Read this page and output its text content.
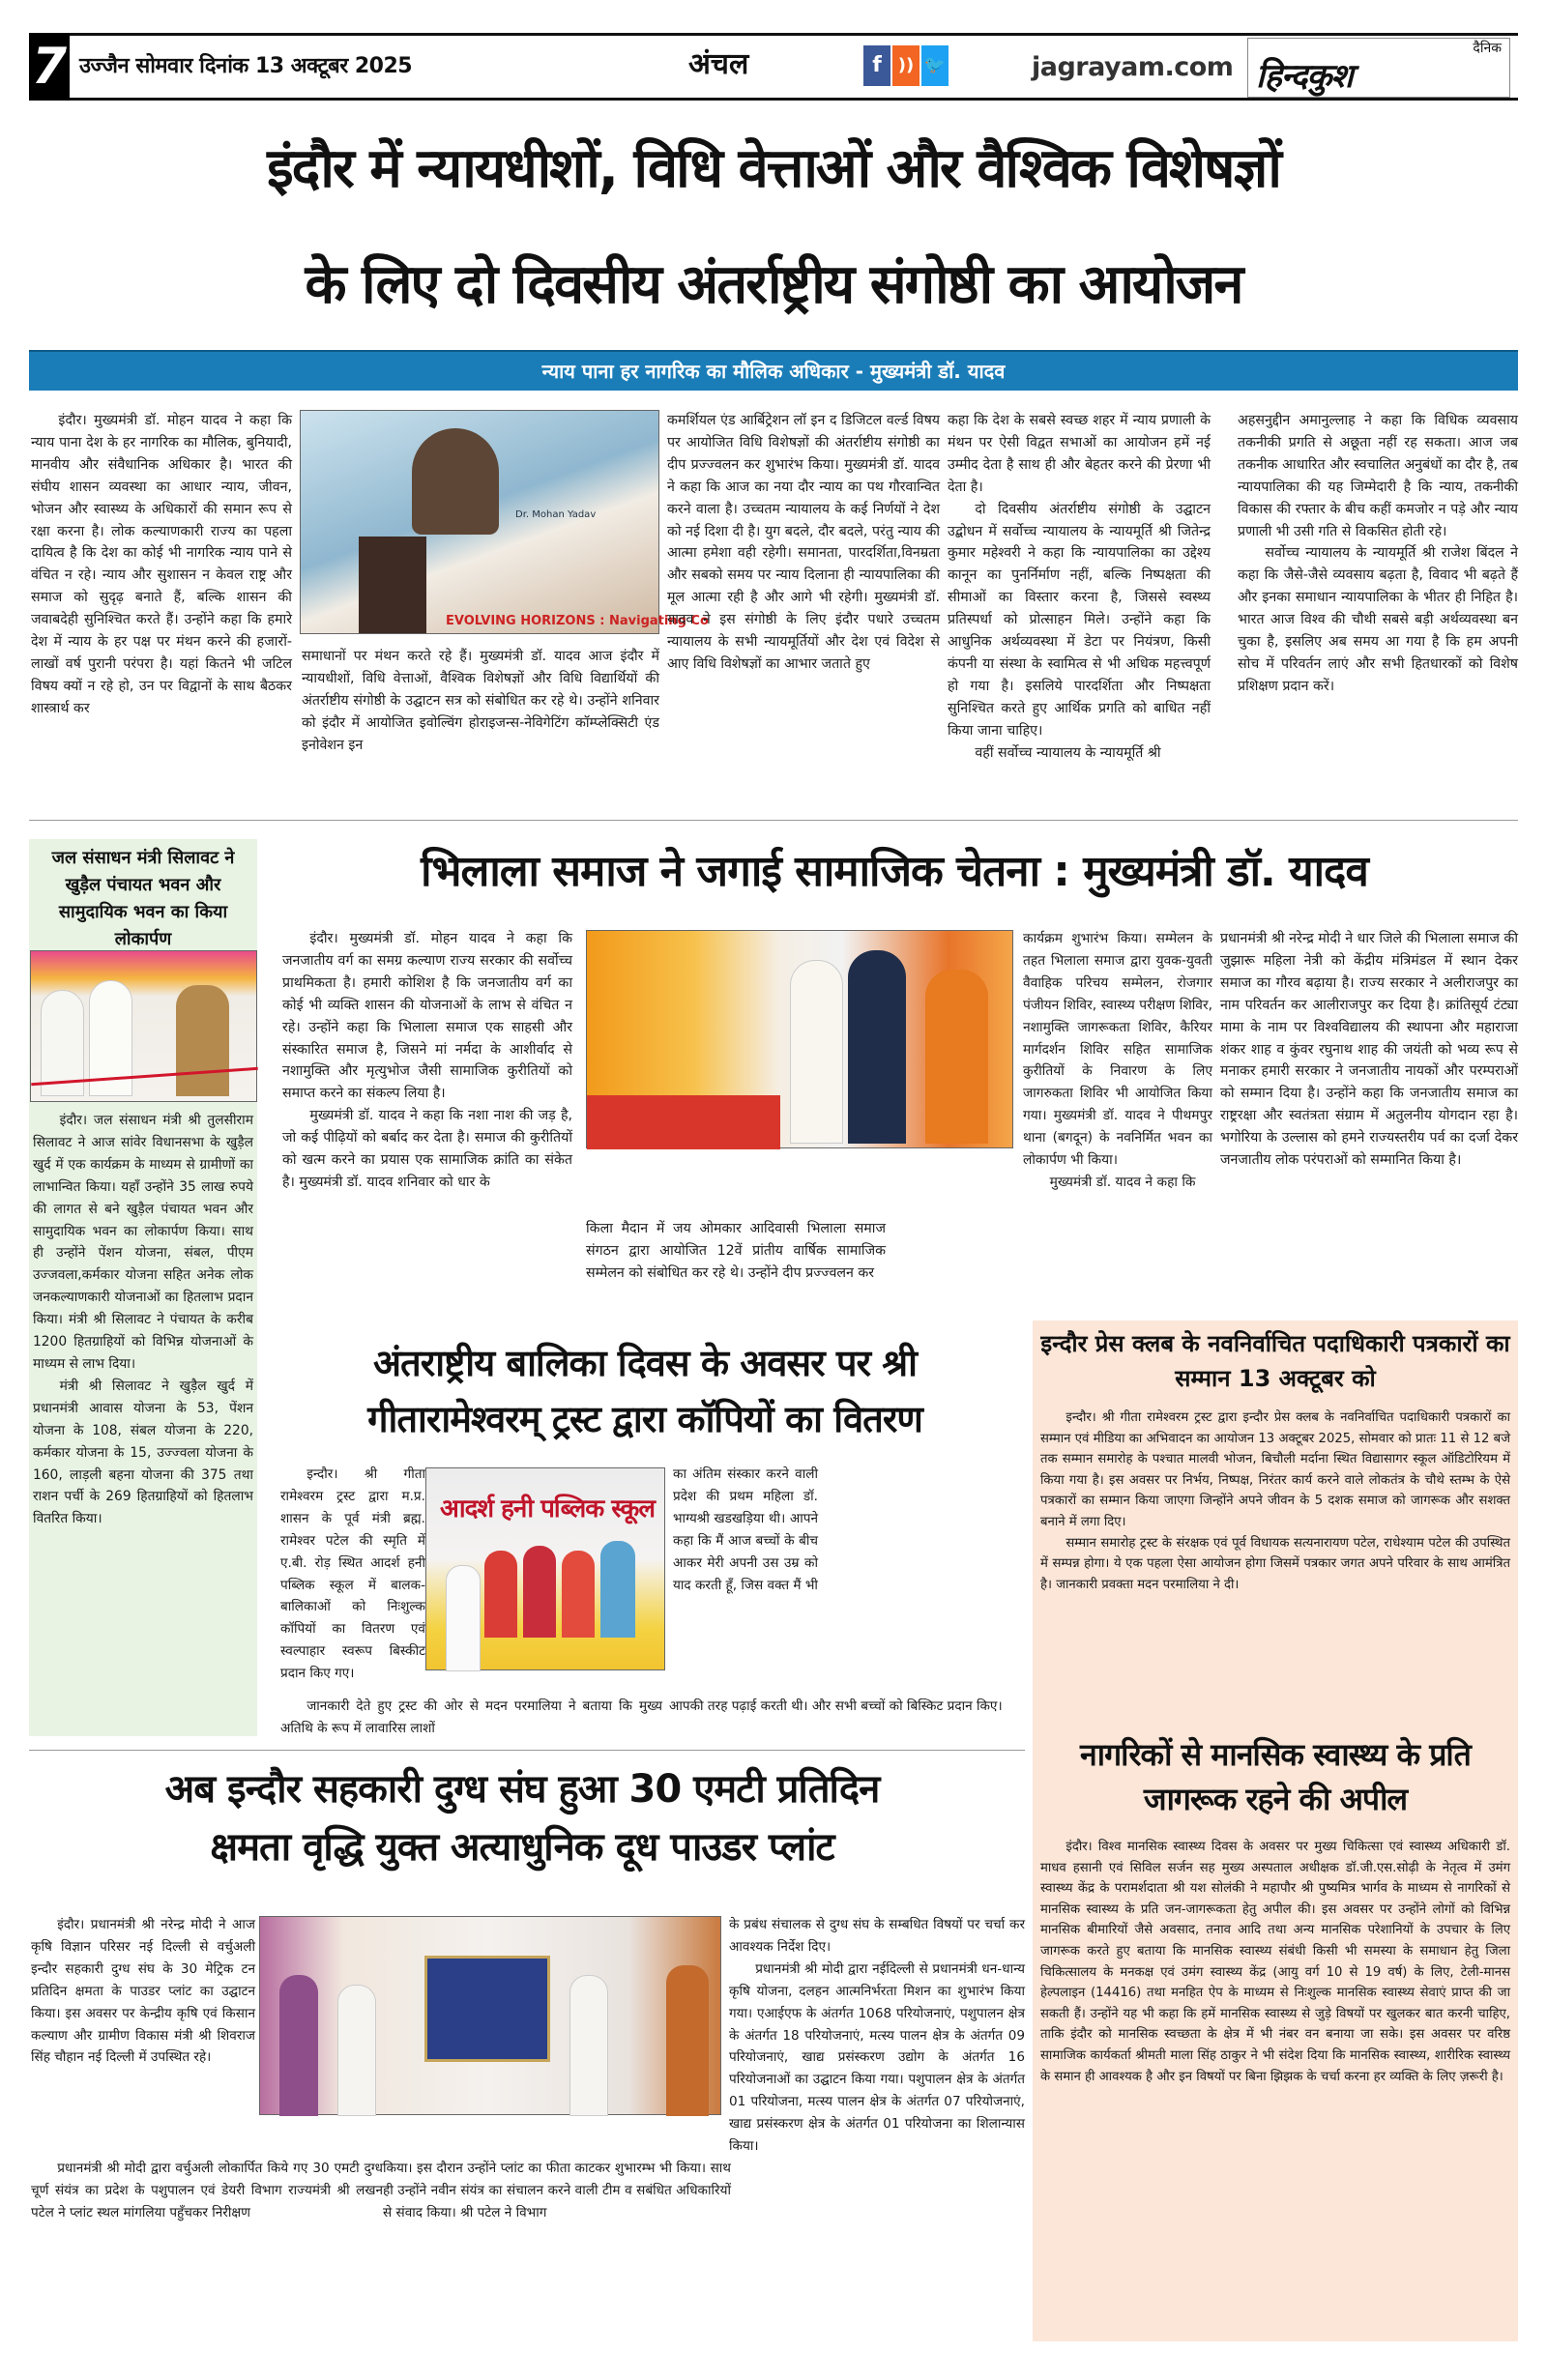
7 उज्जैन सोमवार दिनांक 13 अक्टूबर 2025	अंचल	f )) 🐦	jagrayam.com
दैनिक
हिन्दकुश
इंदौर में न्यायधीशों, विधि वेत्ताओं और वैश्विक विशेषज्ञों
के लिए दो दिवसीय अंतर्राष्ट्रीय संगोष्ठी का आयोजन
न्याय पाना हर नागरिक का मौलिक अधिकार - मुख्यमंत्री डॉ. यादव

इंदौर। मुख्यमंत्री डॉ. मोहन यादव ने कहा कि न्याय पाना देश के हर नागरिक का मौलिक, बुनियादी, मानवीय और संवैधानिक अधिकार है। भारत की संघीय शासन व्यवस्था का आधार न्याय, जीवन, भोजन और स्वास्थ्य के अधिकारों की समान रूप से रक्षा करना है। लोक कल्याणकारी राज्य का पहला दायित्व है कि देश का कोई भी नागरिक न्याय पाने से वंचित न रहे। न्याय और सुशासन न केवल राष्ट्र और समाज को सुदृढ़ बनाते हैं, बल्कि शासन की जवाबदेही सुनिश्चित करते हैं। उन्होंने कहा कि हमारे देश में न्याय के हर पक्ष पर मंथन करने की हजारों-लाखों वर्ष पुरानी परंपरा है। यहां कितने भी जटिल विषय क्यों न रहे हो, उन पर विद्वानों के साथ बैठकर शास्त्रार्थ कर

Dr. Mohan Yadav
EVOLVING HORIZONS : Navigating Co

समाधानों पर मंथन करते रहे हैं। मुख्यमंत्री डॉ. यादव आज इंदौर में न्यायधीशों, विधि वेत्ताओं, वैश्विक विशेषज्ञों और विधि विद्यार्थियों की अंतर्राष्टीय संगोष्ठी के उद्घाटन सत्र को संबोधित कर रहे थे। उन्होंने शनिवार को इंदौर में आयोजित इवोल्विंग होराइजन्स-नेविगेटिंग कॉम्प्लेक्सिटी एंड इनोवेशन इन

कमर्शियल एंड आर्बिट्रेशन लॉ इन द डिजिटल वर्ल्ड विषय पर आयोजित विधि विशेषज्ञों की अंतर्राष्टीय संगोष्ठी का दीप प्रज्ज्वलन कर शुभारंभ किया। मुख्यमंत्री डॉ. यादव ने कहा कि आज का नया दौर न्याय का पथ गौरवान्वित करने वाला है। उच्चतम न्यायालय के कई निर्णयों ने देश को नई दिशा दी है। युग बदले, दौर बदले, परंतु न्याय की आत्मा हमेशा वही रहेगी। समानता, पारदर्शिता,विनम्रता और सबको समय पर न्याय दिलाना ही न्यायपालिका की मूल आत्मा रही है और आगे भी रहेगी। मुख्यमंत्री डॉ. यादव ने इस संगोष्ठी के लिए इंदौर पधारे उच्चतम न्यायालय के सभी न्यायमूर्तियों और देश एवं विदेश से आए विधि विशेषज्ञों का आभार जताते हुए

कहा कि देश के सबसे स्वच्छ शहर में न्याय प्रणाली के मंथन पर ऐसी विद्वत सभाओं का आयोजन हमें नई उम्मीद देता है साथ ही और बेहतर करने की प्रेरणा भी देता है।

दो दिवसीय अंतर्राष्टीय संगोष्ठी के उद्घाटन उद्बोधन में सर्वोच्च न्यायालय के न्यायमूर्ति श्री जितेन्द्र कुमार महेश्वरी ने कहा कि न्यायपालिका का उद्देश्य कानून का पुनर्निर्माण नहीं, बल्कि निष्पक्षता की सीमाओं का विस्तार करना है, जिससे स्वस्थ्य प्रतिस्पर्धा को प्रोत्साहन मिले। उन्होंने कहा कि आधुनिक अर्थव्यवस्था में डेटा पर नियंत्रण, किसी कंपनी या संस्था के स्वामित्व से भी अधिक महत्त्वपूर्ण हो गया है। इसलिये पारदर्शिता और निष्पक्षता सुनिश्चित करते हुए आर्थिक प्रगति को बाधित नहीं किया जाना चाहिए।

वहीं सर्वोच्च न्यायालय के न्यायमूर्ति श्री

अहसनुद्दीन अमानुल्लाह ने कहा कि विधिक व्यवसाय तकनीकी प्रगति से अछूता नहीं रह सकता। आज जब तकनीक आधारित और स्वचालित अनुबंधों का दौर है, तब न्यायपालिका की यह जिम्मेदारी है कि न्याय, तकनीकी विकास की रफ्तार के बीच कहीं कमजोर न पड़े और न्याय प्रणाली भी उसी गति से विकसित होती रहे।

सर्वोच्च न्यायालय के न्यायमूर्ति श्री राजेश बिंदल ने कहा कि जैसे-जैसे व्यवसाय बढ़ता है, विवाद भी बढ़ते हैं और इनका समाधान न्यायपालिका के भीतर ही निहित है। भारत आज विश्व की चौथी सबसे बड़ी अर्थव्यवस्था बन चुका है, इसलिए अब समय आ गया है कि हम अपनी सोच में परिवर्तन लाएं और सभी हितधारकों को विशेष प्रशिक्षण प्रदान करें।

जल संसाधन मंत्री सिलावट ने खुड़ैल पंचायत भवन और सामुदायिक भवन का किया लोकार्पण

इंदौर। जल संसाधन मंत्री श्री तुलसीराम सिलावट ने आज सांवेर विधानसभा के खुड़ैल खुर्द में एक कार्यक्रम के माध्यम से ग्रामीणों का लाभान्वित किया। यहाँ उन्होंने 35 लाख रुपये की लागत से बने खुड़ैल पंचायत भवन और सामुदायिक भवन का लोकार्पण किया। साथ ही उन्होंने पेंशन योजना, संबल, पीएम उज्जवला,कर्मकार योजना सहित अनेक लोक जनकल्याणकारी योजनाओं का हितलाभ प्रदान किया। मंत्री श्री सिलावट ने पंचायत के करीब 1200 हितग्राहियों को विभिन्न योजनाओं के माध्यम से लाभ दिया।

मंत्री श्री सिलावट ने खुड़ैल खुर्द में प्रधानमंत्री आवास योजना के 53, पेंशन योजना के 108, संबल योजना के 220, कर्मकार योजना के 15, उज्ज्वला योजना के 160, लाड़ली बहना योजना की 375 तथा राशन पर्ची के 269 हितग्राहियों को हितलाभ वितरित किया।

भिलाला समाज ने जगाई सामाजिक चेतना : मुख्यमंत्री डॉ. यादव

इंदौर। मुख्यमंत्री डॉ. मोहन यादव ने कहा कि जनजातीय वर्ग का समग्र कल्याण राज्य सरकार की सर्वोच्च प्राथमिकता है। हमारी कोशिश है कि जनजातीय वर्ग का कोई भी व्यक्ति शासन की योजनाओं के लाभ से वंचित न रहे। उन्होंने कहा कि भिलाला समाज एक साहसी और संस्कारित समाज है, जिसने मां नर्मदा के आशीर्वाद से नशामुक्ति और मृत्युभोज जैसी सामाजिक कुरीतियों को समाप्त करने का संकल्प लिया है।

मुख्यमंत्री डॉ. यादव ने कहा कि नशा नाश की जड़ है, जो कई पीढ़ियों को बर्बाद कर देता है। समाज की कुरीतियों को खत्म करने का प्रयास एक सामाजिक क्रांति का संकेत है। मुख्यमंत्री डॉ. यादव शनिवार को धार के

किला मैदान में जय ओमकार आदिवासी भिलाला समाज संगठन द्वारा आयोजित 12वें प्रांतीय वार्षिक सामाजिक सम्मेलन को संबोधित कर रहे थे। उन्होंने दीप प्रज्ज्वलन कर

कार्यक्रम शुभारंभ किया। सम्मेलन के तहत भिलाला समाज द्वारा युवक-युवती वैवाहिक परिचय सम्मेलन, रोजगार पंजीयन शिविर, स्वास्थ्य परीक्षण शिविर, नशामुक्ति जागरूकता शिविर, कैरियर मार्गदर्शन शिविर सहित सामाजिक कुरीतियों के निवारण के लिए जागरुकता शिविर भी आयोजित किया गया। मुख्यमंत्री डॉ. यादव ने पीथमपुर थाना (बगदून) के नवनिर्मित भवन का लोकार्पण भी किया।

मुख्यमंत्री डॉ. यादव ने कहा कि

प्रधानमंत्री श्री नरेन्द्र मोदी ने धार जिले की भिलाला समाज की जुझारू महिला नेत्री को केंद्रीय मंत्रिमंडल में स्थान देकर समाज का गौरव बढ़ाया है। राज्य सरकार ने अलीराजपुर का नाम परिवर्तन कर आलीराजपुर कर दिया है। क्रांतिसूर्य टंट्या मामा के नाम पर विश्वविद्यालय की स्थापना और महाराजा शंकर शाह व कुंवर रघुनाथ शाह की जयंती को भव्य रूप से मनाकर हमारी सरकार ने जनजातीय नायकों और परम्पराओं को सम्मान दिया है। उन्होंने कहा कि जनजातीय समाज का राष्ट्ररक्षा और स्वतंत्रता संग्राम में अतुलनीय योगदान रहा है। भगोरिया के उल्लास को हमने राज्यस्तरीय पर्व का दर्जा देकर जनजातीय लोक परंपराओं को सम्मानित किया है।

अंतराष्ट्रीय बालिका दिवस के अवसर पर श्री
गीतारामेश्वरम् ट्रस्ट द्वारा कॉपियों का वितरण

इन्दौर। श्री गीता रामेश्वरम ट्रस्ट द्वारा म.प्र. शासन के पूर्व मंत्री ब्रह्म. रामेश्वर पटेल की स्मृति में ए.बी. रोड़ स्थित आदर्श हनी पब्लिक स्कूल में बालक-बालिकाओं को निःशुल्क कॉपियों का वितरण एवं स्वल्पाहार स्वरूप बिस्कीट प्रदान किए गए।

आदर्श हनी पब्लिक स्कूल

जानकारी देते हुए ट्रस्ट की ओर से मदन परमालिया ने बताया कि मुख्य अतिथि के रूप में लावारिस लाशों

का अंतिम संस्कार करने वाली प्रदेश की प्रथम महिला डॉ. भाग्यश्री खडखड़िया थी। आपने कहा कि मैं आज बच्चों के बीच आकर मेरी अपनी उस उम्र को याद करती हूँ, जिस वक्त मैं भी

आपकी तरह पढ़ाई करती थी। और सभी बच्चों को बिस्किट प्रदान किए।

इन्दौर प्रेस क्लब के नवनिर्वाचित पदाधिकारी पत्रकारों का सम्मान 13 अक्टूबर को

इन्दौर। श्री गीता रामेश्वरम ट्रस्ट द्वारा इन्दौर प्रेस क्लब के नवनिर्वाचित पदाधिकारी पत्रकारों का सम्मान एवं मीडिया का अभिवादन का आयोजन 13 अक्टूबर 2025, सोमवार को प्रातः 11 से 12 बजे तक सम्मान समारोह के पश्चात मालवी भोजन, बिचौली मर्दाना स्थित विद्यासागर स्कूल ऑडिटोरियम में किया गया है। इस अवसर पर निर्भय, निष्पक्ष, निरंतर कार्य करने वाले लोकतंत्र के चौथे स्तम्भ के ऐसे पत्रकारों का सम्मान किया जाएगा जिन्होंने अपने जीवन के 5 दशक समाज को जागरूक और सशक्त बनाने में लगा दिए।

सम्मान समारोह ट्रस्ट के संरक्षक एवं पूर्व विधायक सत्यनारायण पटेल, राधेश्याम पटेल की उपस्थित में सम्पन्न होगा। ये एक पहला ऐसा आयोजन होगा जिसमें पत्रकार जगत अपने परिवार के साथ आमंत्रित है। जानकारी प्रवक्ता मदन परमालिया ने दी।

नागरिकों से मानसिक स्वास्थ्य के प्रति जागरूक रहने की अपील

इंदौर। विश्व मानसिक स्वास्थ्य दिवस के अवसर पर मुख्य चिकित्सा एवं स्वास्थ्य अधिकारी डॉ. माधव हसानी एवं सिविल सर्जन सह मुख्य अस्पताल अधीक्षक डॉ.जी.एस.सोढ़ी के नेतृत्व में उमंग स्वास्थ्य केंद्र के परामर्शदाता श्री यश सोलंकी ने महापौर श्री पुष्यमित्र भार्गव के माध्यम से नागरिकों से मानसिक स्वास्थ्य के प्रति जन-जागरूकता हेतु अपील की। इस अवसर पर उन्होंने लोगों को विभिन्न मानसिक बीमारियों जैसे अवसाद, तनाव आदि तथा अन्य मानसिक परेशानियों के उपचार के लिए जागरूक करते हुए बताया कि मानसिक स्वास्थ्य संबंधी किसी भी समस्या के समाधान हेतु जिला चिकित्सालय के मनकक्ष एवं उमंग स्वास्थ्य केंद्र (आयु वर्ग 10 से 19 वर्ष) के लिए, टेली-मानस हेल्पलाइन (14416) तथा मनहित ऐप के माध्यम से निःशुल्क मानसिक स्वास्थ्य सेवाएं प्राप्त की जा सकती हैं। उन्होंने यह भी कहा कि हमें मानसिक स्वास्थ्य से जुड़े विषयों पर खुलकर बात करनी चाहिए, ताकि इंदौर को मानसिक स्वच्छता के क्षेत्र में भी नंबर वन बनाया जा सके। इस अवसर पर वरिष्ठ सामाजिक कार्यकर्ता श्रीमती माला सिंह ठाकुर ने भी संदेश दिया कि मानसिक स्वास्थ्य, शारीरिक स्वास्थ्य के समान ही आवश्यक है और इन विषयों पर बिना झिझक के चर्चा करना हर व्यक्ति के लिए ज़रूरी है।

अब इन्दौर सहकारी दुग्ध संघ हुआ 30 एमटी प्रतिदिन
क्षमता वृद्धि युक्त अत्याधुनिक दूध पाउडर प्लांट

इंदौर। प्रधानमंत्री श्री नरेन्द्र मोदी ने आज कृषि विज्ञान परिसर नई दिल्ली से वर्चुअली इन्दौर सहकारी दुग्ध संघ के 30 मेट्रिक टन प्रतिदिन क्षमता के पाउडर प्लांट का उद्घाटन किया। इस अवसर पर केन्द्रीय कृषि एवं किसान कल्याण और ग्रामीण विकास मंत्री श्री शिवराज सिंह चौहान नई दिल्ली में उपस्थित रहे।

प्रधानमंत्री श्री मोदी द्वारा वर्चुअली लोकार्पित किये गए 30 एमटी दुग्ध चूर्ण संयंत्र का प्रदेश के पशुपालन एवं डेयरी विभाग राज्यमंत्री श्री लखन पटेल ने प्लांट स्थल मांगलिया पहुँचकर निरीक्षण

किया। इस दौरान उन्होंने प्लांट का फीता काटकर शुभारम्भ भी किया। साथ ही उन्होंने नवीन संयंत्र का संचालन करने वाली टीम व सबंधित अधिकारियों से संवाद किया। श्री पटेल ने विभाग

के प्रबंध संचालक से दुग्ध संघ के सम्बधित विषयों पर चर्चा कर आवश्यक निर्देश दिए।

प्रधानमंत्री श्री मोदी द्वारा नईदिल्ली से प्रधानमंत्री धन-धान्य कृषि योजना, दलहन आत्मनिर्भरता मिशन का शुभारंभ किया गया। एआईएफ के अंतर्गत 1068 परियोजनाएं, पशुपालन क्षेत्र के अंतर्गत 18 परियोजनाएं, मत्स्य पालन क्षेत्र के अंतर्गत 09 परियोजनाएं, खाद्य प्रसंस्करण उद्योग के अंतर्गत 16 परियोजनाओं का उद्घाटन किया गया। पशुपालन क्षेत्र के अंतर्गत 01 परियोजना, मत्स्य पालन क्षेत्र के अंतर्गत 07 परियोजनाएं, खाद्य प्रसंस्करण क्षेत्र के अंतर्गत 01 परियोजना का शिलान्यास किया।
